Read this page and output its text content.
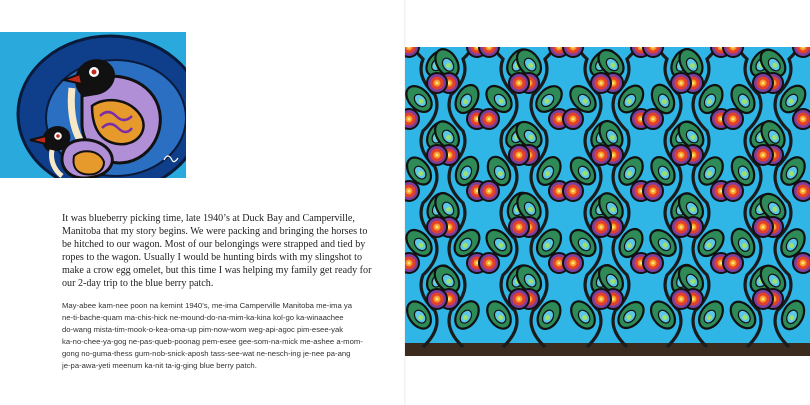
It was blueberry picking time, late 1940’s at Duck Bay and Camperville,
Manitoba that my story begins. We were packing and bringing the horses to
be hitched to our wagon. Most of our belongings were strapped and tied by
ropes to the wagon. Usually I would be hunting birds with my slingshot to
make a crow egg omelet, but this time I was helping my family get ready for
our 2-day trip to the blue berry patch.

May-abee kam-nee poon na kemint 1940’s, me-ima Camperville Manitoba me-ima ya
ne-ti-bache-quam ma-chis-hick ne-mound-do-na-mim-ka-kina kol-go ka-winaachee
do-wang mista-tim-mook-o-kea-oma-up pim-now-wom weg-api-agoc pim-esee-yak
ka-no-chee-ya-gog ne-pas-queb-poonag pem-esee gee-som-na-mick me-ashee a-mom-
gong no-guma-thess gum-nob-snick-aposh tass-see-wat ne-nesch-ing je-nee pa-ang
je-pa-awa-yeti meenum ka-nit ta-ig-ging blue berry patch.
